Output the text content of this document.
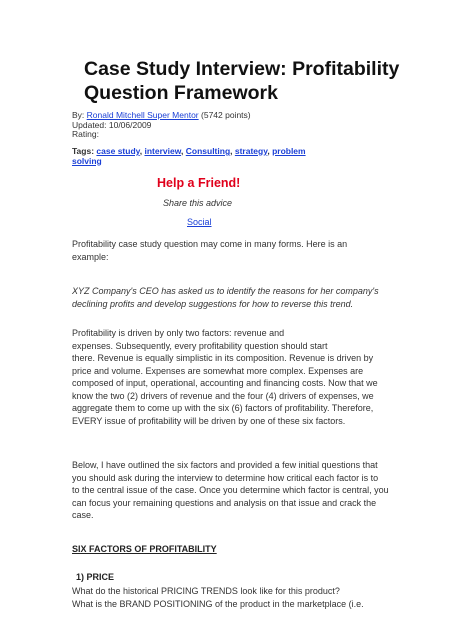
Case Study Interview: Profitability
Question Framework
By: Ronald Mitchell Super Mentor (5742 points)
Updated: 10/06/2009
Rating:
Tags: case study, interview, Consulting, strategy, problem
solving
Help a Friend!
Share this advice
Social
Profitability case study question may come in many forms. Here is an
example:
XYZ Company's CEO has asked us to identify the reasons for her company's
declining profits and develop suggestions for how to reverse this trend.
Profitability is driven by only two factors: revenue and
expenses. Subsequently, every profitability question should start
there. Revenue is equally simplistic in its composition. Revenue is driven by
price and volume. Expenses are somewhat more complex. Expenses are
composed of input, operational, accounting and financing costs. Now that we
know the two (2) drivers of revenue and the four (4) drivers of expenses, we
aggregate them to come up with the six (6) factors of profitability. Therefore,
EVERY issue of profitability will be driven by one of these six factors.
Below, I have outlined the six factors and provided a few initial questions that
you should ask during the interview to determine how critical each factor is to
to the central issue of the case. Once you determine which factor is central, you
can focus your remaining questions and analysis on that issue and crack the
case.
SIX FACTORS OF PROFITABILITY
1) PRICE
What do the historical PRICING TRENDS look like for this product?
What is the BRAND POSITIONING of the product in the marketplace (i.e.
